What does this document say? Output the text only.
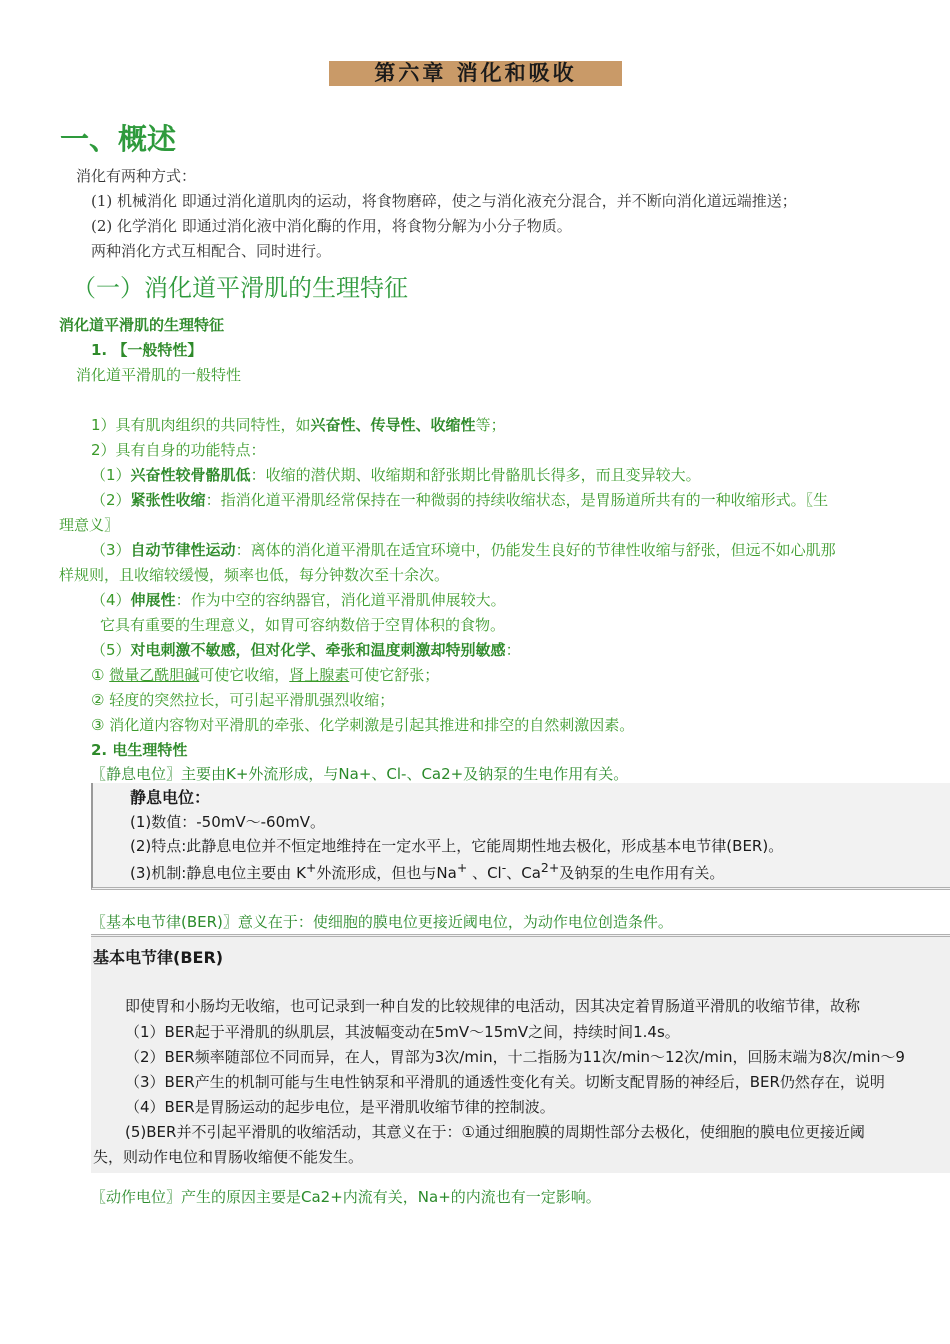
第六章 消化和吸收
一、概述
消化有两种方式：
(1) 机械消化 即通过消化道肌肉的运动，将食物磨碎，使之与消化液充分混合，并不断向消化道远端推送；
(2) 化学消化 即通过消化液中消化酶的作用，将食物分解为小分子物质。
两种消化方式互相配合、同时进行。
（一）消化道平滑肌的生理特征
消化道平滑肌的生理特征
1. 【一般特性】
消化道平滑肌的一般特性
1）具有肌肉组织的共同特性，如兴奋性、传导性、收缩性等；
2）具有自身的功能特点：
（1）兴奋性较骨骼肌低：收缩的潜伏期、收缩期和舒张期比骨骼肌长得多，而且变异较大。
（2）紧张性收缩：指消化道平滑肌经常保持在一种微弱的持续收缩状态，是胃肠道所共有的一种收缩形式。〖生
理意义〗
（3）自动节律性运动：离体的消化道平滑肌在适宜环境中，仍能发生良好的节律性收缩与舒张，但远不如心肌那
样规则，且收缩较缓慢，频率也低，每分钟数次至十余次。
（4）伸展性：作为中空的容纳器官，消化道平滑肌伸展较大。
它具有重要的生理意义，如胃可容纳数倍于空胃体积的食物。
（5）对电刺激不敏感，但对化学、牵张和温度刺激却特别敏感：
① 微量乙酰胆碱可使它收缩，肾上腺素可使它舒张；
② 轻度的突然拉长，可引起平滑肌强烈收缩；
③ 消化道内容物对平滑肌的牵张、化学刺激是引起其推进和排空的自然刺激因素。
2. 电生理特性
〖静息电位〗主要由K+外流形成，与Na+、Cl-、Ca2+及钠泵的生电作用有关。
静息电位：
(1)数值：-50mV～-60mV。
(2)特点:此静息电位并不恒定地维持在一定水平上，它能周期性地去极化，形成基本电节律(BER)。
(3)机制:静息电位主要由 K+外流形成，但也与Na+ 、Cl-、$Ca^{2+}$及钠泵的生电作用有关。
〖基本电节律(BER)〗意义在于：使细胞的膜电位更接近阈电位，为动作电位创造条件。
基本电节律(BER)
即使胃和小肠均无收缩，也可记录到一种自发的比较规律的电活动，因其决定着胃肠道平滑肌的收缩节律，故称
（1）BER起于平滑肌的纵肌层，其波幅变动在5mV～15mV之间，持续时间1.4s。
（2）BER频率随部位不同而异，在人，胃部为3次/min，十二指肠为11次/min～12次/min，回肠末端为8次/min～9
（3）BER产生的机制可能与生电性钠泵和平滑肌的通透性变化有关。切断支配胃肠的神经后，BER仍然存在，说明
（4）BER是胃肠运动的起步电位，是平滑肌收缩节律的控制波。
(5)BER并不引起平滑肌的收缩活动，其意义在于：①通过细胞膜的周期性部分去极化，使细胞的膜电位更接近阈
失，则动作电位和胃肠收缩便不能发生。
〖动作电位〗产生的原因主要是Ca2+内流有关，Na+的内流也有一定影响。
